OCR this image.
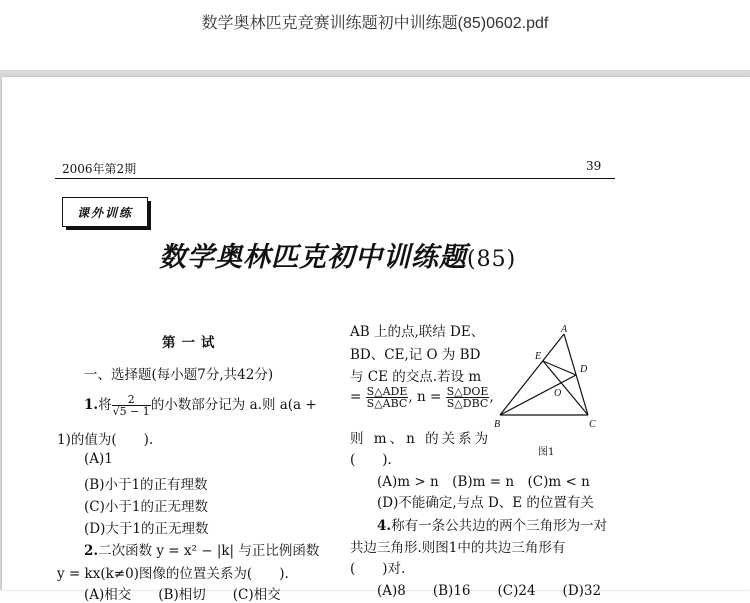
数学奥林匹克竞赛训练题初中训练题(85)0602.pdf
2006年第2期	39
课外训练
数学奥林匹克初中训练题(85)
第一试
一、选择题(每小题7分,共42分)
1.将 $\frac{2}{√5 - 1}$ 的小数部分记为 a.则 a(a +
1)的值为(　　).
(A)1
(B)小于1的正有理数
(C)小于1的正无理数
(D)大于1的正无理数
2.二次函数 y = x² − |k| 与正比例函数
y = kx(k≠0)图像的位置关系为(　　).
(A)相交　　(B)相切　　(C)相交
AB 上的点,联结 DE、
BD、CE,记 O 为 BD
与 CE 的交点.若设 m
= $\frac{\text{S△ADE}}{\text{S△ABC}}$ , $n = \frac{\text{S△DOE}}{\text{S△DBC}}$ ,
则 m、n 的关系为
(　　).
(A)m > n　(B)m = n　(C)m < n
(D)不能确定,与点 D、E 的位置有关
4.称有一条公共边的两个三角形为一对
共边三角形.则图1中的共边三角形有
(　　)对.
(A)8　　(B)16　　(C)24　　(D)32
A
B	C
D
E
O
图1
